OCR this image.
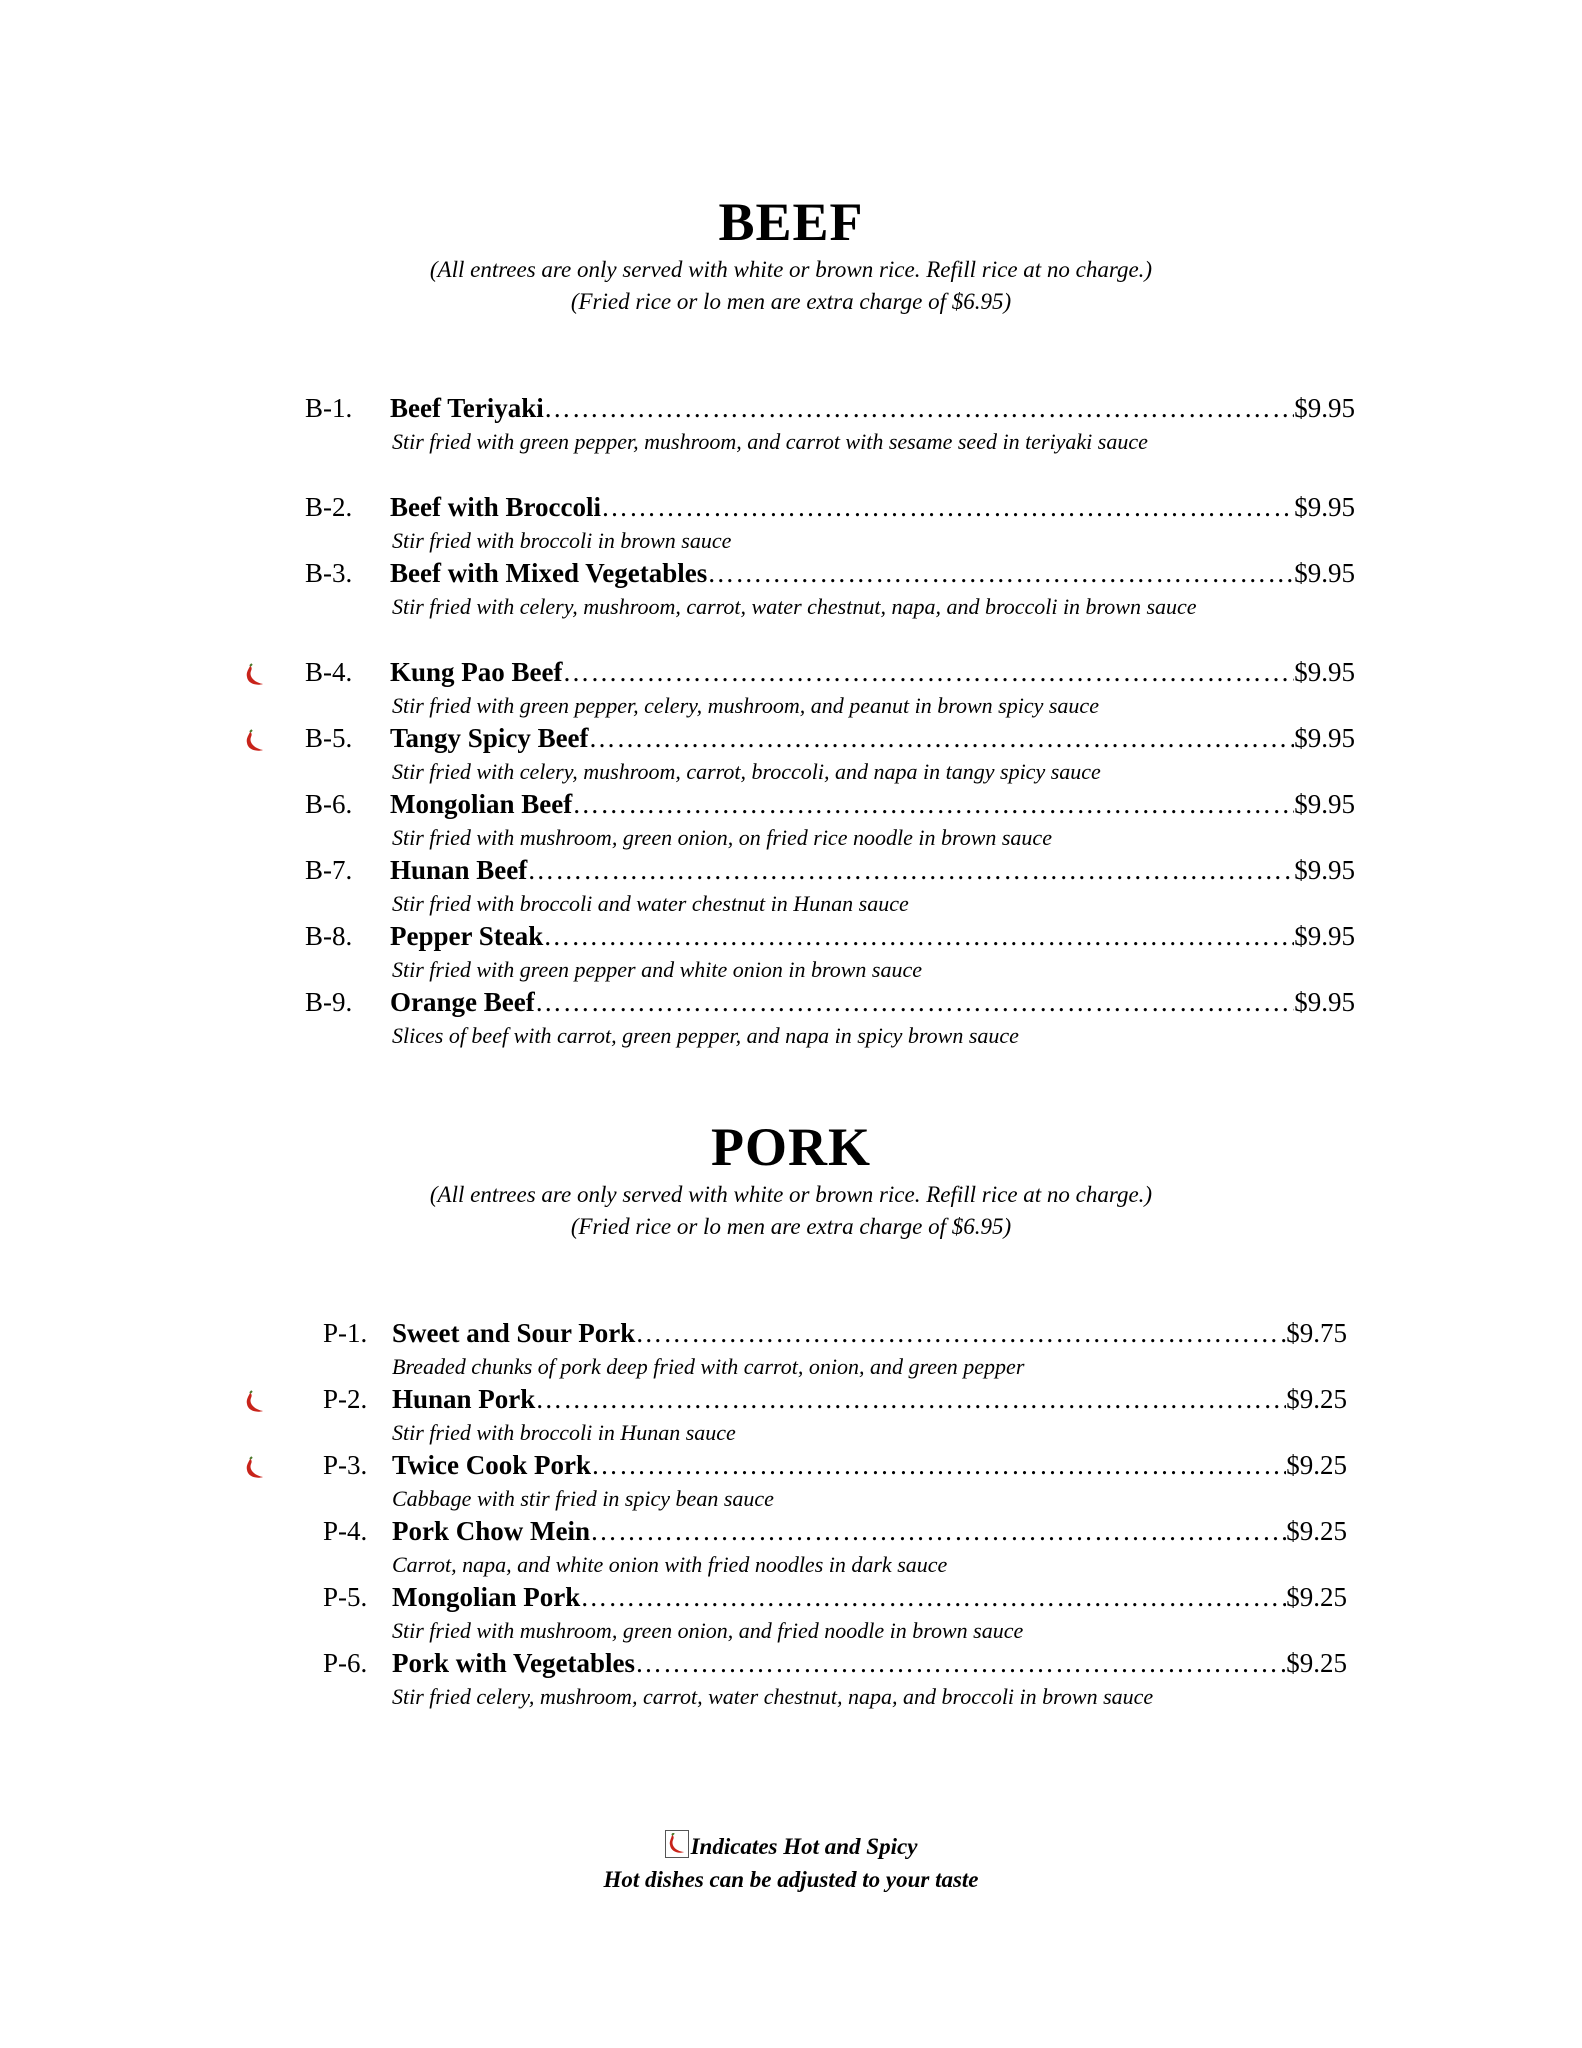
BEEF
(All entrees are only served with white or brown rice. Refill rice at no charge.)
(Fried rice or lo men are extra charge of $6.95)
B-1. Beef Teriyaki ……………………………………………………………………………………………………………………………………	$9.95
Stir fried with green pepper, mushroom, and carrot with sesame seed in teriyaki sauce
B-2. Beef with Broccoli ……………………………………………………………………………………………………………………………………	$9.95
Stir fried with broccoli in brown sauce
B-3. Beef with Mixed Vegetables ……………………………………………………………………………………………………………………………………	$9.95
Stir fried with celery, mushroom, carrot, water chestnut, napa, and broccoli in brown sauce
B-4. Kung Pao Beef ……………………………………………………………………………………………………………………………………	$9.95
Stir fried with green pepper, celery, mushroom, and peanut in brown spicy sauce
B-5. Tangy Spicy Beef ……………………………………………………………………………………………………………………………………	$9.95
Stir fried with celery, mushroom, carrot, broccoli, and napa in tangy spicy sauce
B-6. Mongolian Beef ……………………………………………………………………………………………………………………………………	$9.95
Stir fried with mushroom, green onion, on fried rice noodle in brown sauce
B-7. Hunan Beef ……………………………………………………………………………………………………………………………………	$9.95
Stir fried with broccoli and water chestnut in Hunan sauce
B-8. Pepper Steak ……………………………………………………………………………………………………………………………………	$9.95
Stir fried with green pepper and white onion in brown sauce
B-9. Orange Beef ……………………………………………………………………………………………………………………………………	$9.95
Slices of beef with carrot, green pepper, and napa in spicy brown sauce
PORK
(All entrees are only served with white or brown rice. Refill rice at no charge.)
(Fried rice or lo men are extra charge of $6.95)
P-1. Sweet and Sour Pork ……………………………………………………………………………………………………………………………………	$9.75
Breaded chunks of pork deep fried with carrot, onion, and green pepper
P-2. Hunan Pork ……………………………………………………………………………………………………………………………………	$9.25
Stir fried with broccoli in Hunan sauce
P-3. Twice Cook Pork ……………………………………………………………………………………………………………………………………	$9.25
Cabbage with stir fried in spicy bean sauce
P-4. Pork Chow Mein ……………………………………………………………………………………………………………………………………	$9.25
Carrot, napa, and white onion with fried noodles in dark sauce
P-5. Mongolian Pork ……………………………………………………………………………………………………………………………………	$9.25
Stir fried with mushroom, green onion, and fried noodle in brown sauce
P-6. Pork with Vegetables ……………………………………………………………………………………………………………………………………	$9.25
Stir fried celery, mushroom, carrot, water chestnut, napa, and broccoli in brown sauce
Indicates Hot and Spicy
Hot dishes can be adjusted to your taste
